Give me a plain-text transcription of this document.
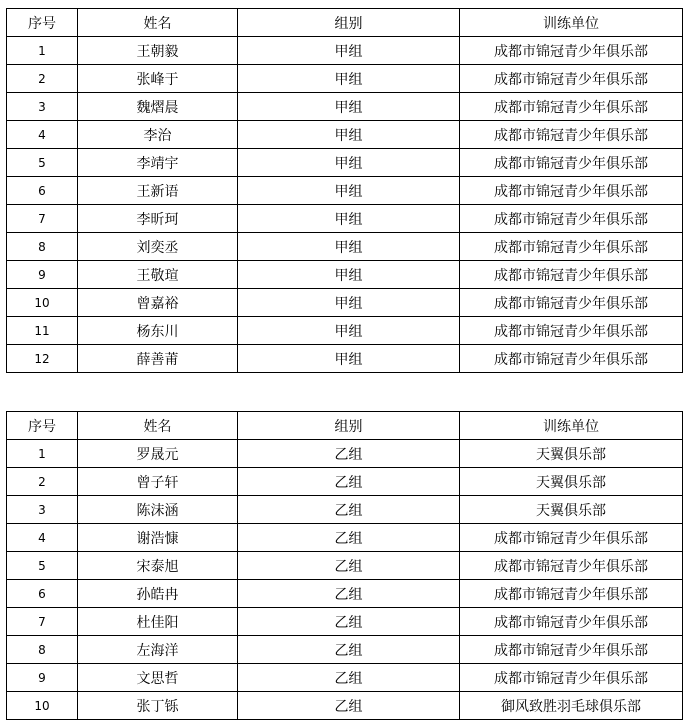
序号	姓名	组别	训练单位
1	王朝毅	甲组	成都市锦冠青少年俱乐部
2	张峰于	甲组	成都市锦冠青少年俱乐部
3	魏熠晨	甲组	成都市锦冠青少年俱乐部
4	李治	甲组	成都市锦冠青少年俱乐部
5	李靖宇	甲组	成都市锦冠青少年俱乐部
6	王新语	甲组	成都市锦冠青少年俱乐部
7	李昕珂	甲组	成都市锦冠青少年俱乐部
8	刘奕丞	甲组	成都市锦冠青少年俱乐部
9	王敬瑄	甲组	成都市锦冠青少年俱乐部
10	曾嘉裕	甲组	成都市锦冠青少年俱乐部
11	杨东川	甲组	成都市锦冠青少年俱乐部
12	薛善莆	甲组	成都市锦冠青少年俱乐部
序号	姓名	组别	训练单位
1	罗晟元	乙组	天翼俱乐部
2	曾子轩	乙组	天翼俱乐部
3	陈沫涵	乙组	天翼俱乐部
4	谢浩慷	乙组	成都市锦冠青少年俱乐部
5	宋泰旭	乙组	成都市锦冠青少年俱乐部
6	孙皓冉	乙组	成都市锦冠青少年俱乐部
7	杜佳阳	乙组	成都市锦冠青少年俱乐部
8	左海洋	乙组	成都市锦冠青少年俱乐部
9	文思哲	乙组	成都市锦冠青少年俱乐部
10	张丁铄	乙组	御风致胜羽毛球俱乐部
